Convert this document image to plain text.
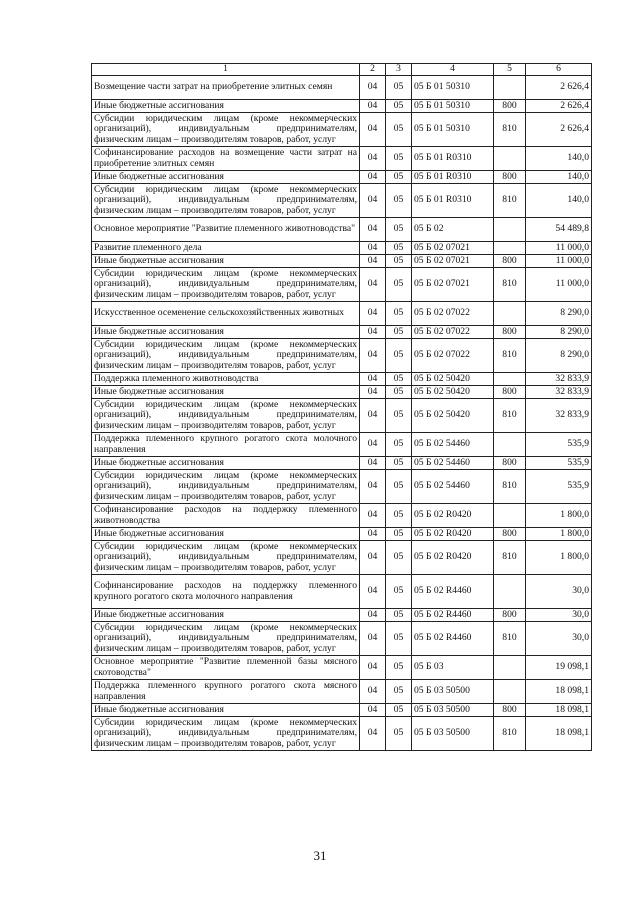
1	2	3	4	5	6
Возмещение части затрат на приобретение элитных семян	04	05	05 Б 01 50310		2 626,4
Иные бюджетные ассигнования	04	05	05 Б 01 50310	800	2 626,4
Субсидии юридическим лицам (кроме некоммерческих организаций), индивидуальным предпринимателям, физическим лицам – производителям товаров, работ, услуг	04	05	05 Б 01 50310	810	2 626,4
Софинансирование расходов на возмещение части затрат на приобретение элитных семян	04	05	05 Б 01 R0310		140,0
Иные бюджетные ассигнования	04	05	05 Б 01 R0310	800	140,0
Субсидии юридическим лицам (кроме некоммерческих организаций), индивидуальным предпринимателям, физическим лицам – производителям товаров, работ, услуг	04	05	05 Б 01 R0310	810	140,0
Основное мероприятие "Развитие племенного животноводства"	04	05	05 Б 02		54 489,8
Развитие племенного дела	04	05	05 Б 02 07021		11 000,0
Иные бюджетные ассигнования	04	05	05 Б 02 07021	800	11 000,0
Субсидии юридическим лицам (кроме некоммерческих организаций), индивидуальным предпринимателям, физическим лицам – производителям товаров, работ, услуг	04	05	05 Б 02 07021	810	11 000,0
Искусственное осеменение сельскохозяйственных животных	04	05	05 Б 02 07022		8 290,0
Иные бюджетные ассигнования	04	05	05 Б 02 07022	800	8 290,0
Субсидии юридическим лицам (кроме некоммерческих организаций), индивидуальным предпринимателям, физическим лицам – производителям товаров, работ, услуг	04	05	05 Б 02 07022	810	8 290,0
Поддержка племенного животноводства	04	05	05 Б 02 50420		32 833,9
Иные бюджетные ассигнования	04	05	05 Б 02 50420	800	32 833,9
Субсидии юридическим лицам (кроме некоммерческих организаций), индивидуальным предпринимателям, физическим лицам – производителям товаров, работ, услуг	04	05	05 Б 02 50420	810	32 833,9
Поддержка племенного крупного рогатого скота молочного направления	04	05	05 Б 02 54460		535,9
Иные бюджетные ассигнования	04	05	05 Б 02 54460	800	535,9
Субсидии юридическим лицам (кроме некоммерческих организаций), индивидуальным предпринимателям, физическим лицам – производителям товаров, работ, услуг	04	05	05 Б 02 54460	810	535,9
Софинансирование расходов на поддержку племенного животноводства	04	05	05 Б 02 R0420		1 800,0
Иные бюджетные ассигнования	04	05	05 Б 02 R0420	800	1 800,0
Субсидии юридическим лицам (кроме некоммерческих организаций), индивидуальным предпринимателям, физическим лицам – производителям товаров, работ, услуг	04	05	05 Б 02 R0420	810	1 800,0
Софинансирование расходов на поддержку племенного крупного рогатого скота молочного направления	04	05	05 Б 02 R4460		30,0
Иные бюджетные ассигнования	04	05	05 Б 02 R4460	800	30,0
Субсидии юридическим лицам (кроме некоммерческих организаций), индивидуальным предпринимателям, физическим лицам – производителям товаров, работ, услуг	04	05	05 Б 02 R4460	810	30,0
Основное мероприятие "Развитие племенной базы мясного скотоводства"	04	05	05 Б 03		19 098,1
Поддержка племенного крупного рогатого скота мясного направления	04	05	05 Б 03 50500		18 098,1
Иные бюджетные ассигнования	04	05	05 Б 03 50500	800	18 098,1
Субсидии юридическим лицам (кроме некоммерческих организаций), индивидуальным предпринимателям, физическим лицам – производителям товаров, работ, услуг	04	05	05 Б 03 50500	810	18 098,1
31
